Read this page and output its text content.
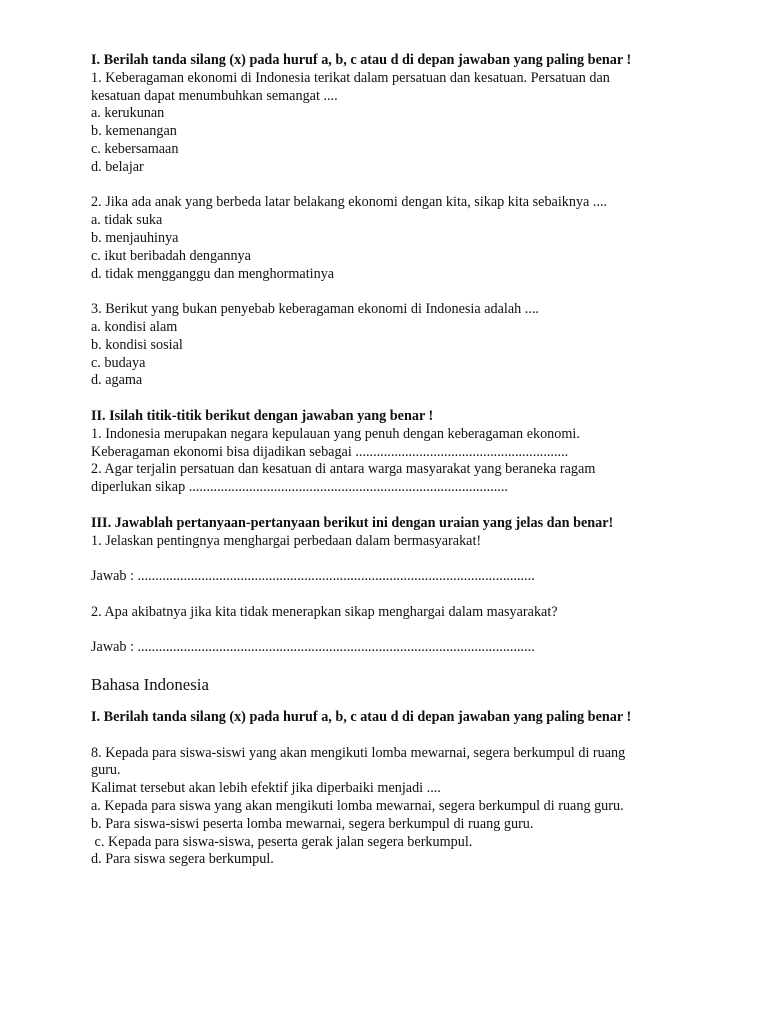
I. Berilah tanda silang (x) pada huruf a, b, c atau d di depan jawaban yang paling benar !

1. Keberagaman ekonomi di Indonesia terikat dalam persatuan dan kesatuan. Persatuan dan

kesatuan dapat menumbuhkan semangat ....

a. kerukunan

b. kemenangan

c. kebersamaan

d. belajar

2. Jika ada anak yang berbeda latar belakang ekonomi dengan kita, sikap kita sebaiknya ....

a. tidak suka

b. menjauhinya

c. ikut beribadah dengannya

d. tidak mengganggu dan menghormatinya

3. Berikut yang bukan penyebab keberagaman ekonomi di Indonesia adalah ....

a. kondisi alam

b. kondisi sosial

c. budaya

d. agama

II. Isilah titik-titik berikut dengan jawaban yang benar !

1. Indonesia merupakan negara kepulauan yang penuh dengan keberagaman ekonomi.

Keberagaman ekonomi bisa dijadikan sebagai ............................................................

2. Agar terjalin persatuan dan kesatuan di antara warga masyarakat yang beraneka ragam

diperlukan sikap ..........................................................................................

III. Jawablah pertanyaan-pertanyaan berikut ini dengan uraian yang jelas dan benar!

1. Jelaskan pentingnya menghargai perbedaan dalam bermasyarakat!

Jawab : ................................................................................................................

2. Apa akibatnya jika kita tidak menerapkan sikap menghargai dalam masyarakat?

Jawab : ................................................................................................................

Bahasa Indonesia

I. Berilah tanda silang (x) pada huruf a, b, c atau d di depan jawaban yang paling benar !

8. Kepada para siswa-siswi yang akan mengikuti lomba mewarnai, segera berkumpul di ruang

guru.

Kalimat tersebut akan lebih efektif jika diperbaiki menjadi ....

a. Kepada para siswa yang akan mengikuti lomba mewarnai, segera berkumpul di ruang guru.

b. Para siswa-siswi peserta lomba mewarnai, segera berkumpul di ruang guru.

c. Kepada para siswa-siswa, peserta gerak jalan segera berkumpul.

d. Para siswa segera berkumpul.
